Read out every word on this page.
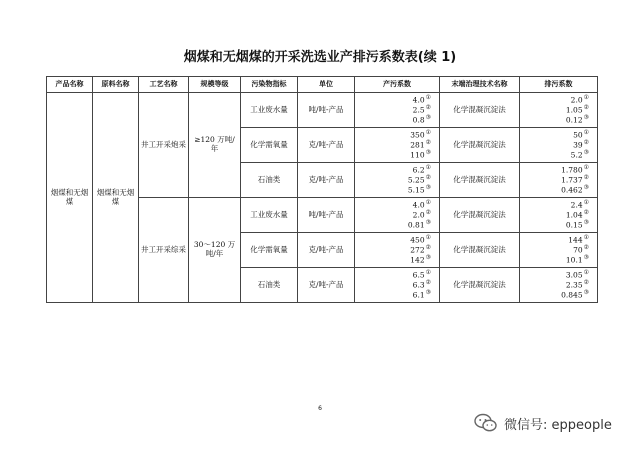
烟煤和无烟煤的开采洗选业产排污系数表(续 1)
产品名称	原料名称	工艺名称	规模等级	污染物指标	单位	产污系数	末端治理技术名称	排污系数
烟煤和无烟煤	烟煤和无烟煤	井工开采炮采	≥120 万吨/年	工业废水量	吨/吨-产品	4.0①
2.5②
0.8③	化学混凝沉淀法	2.0①
1.05②
0.12③

				化学需氧量	克/吨-产品	350①
281②
110③	化学混凝沉淀法	50①
39②
5.2③

				石油类	克/吨-产品	6.2①
5.25②
5.15③	化学混凝沉淀法	1.780①
1.737②
0.462③

		井工开采综采	30～120 万吨/年	工业废水量	吨/吨-产品	4.0①
2.0②
0.81③	化学混凝沉淀法	2.4①
1.04②
0.15③

				化学需氧量	克/吨-产品	450①
272②
142③	化学混凝沉淀法	144①
70②
10.1③

				石油类	克/吨-产品	6.5①
6.3②
6.1③	化学混凝沉淀法	3.05①
2.35②
0.845③
6
微信号: eppeople
